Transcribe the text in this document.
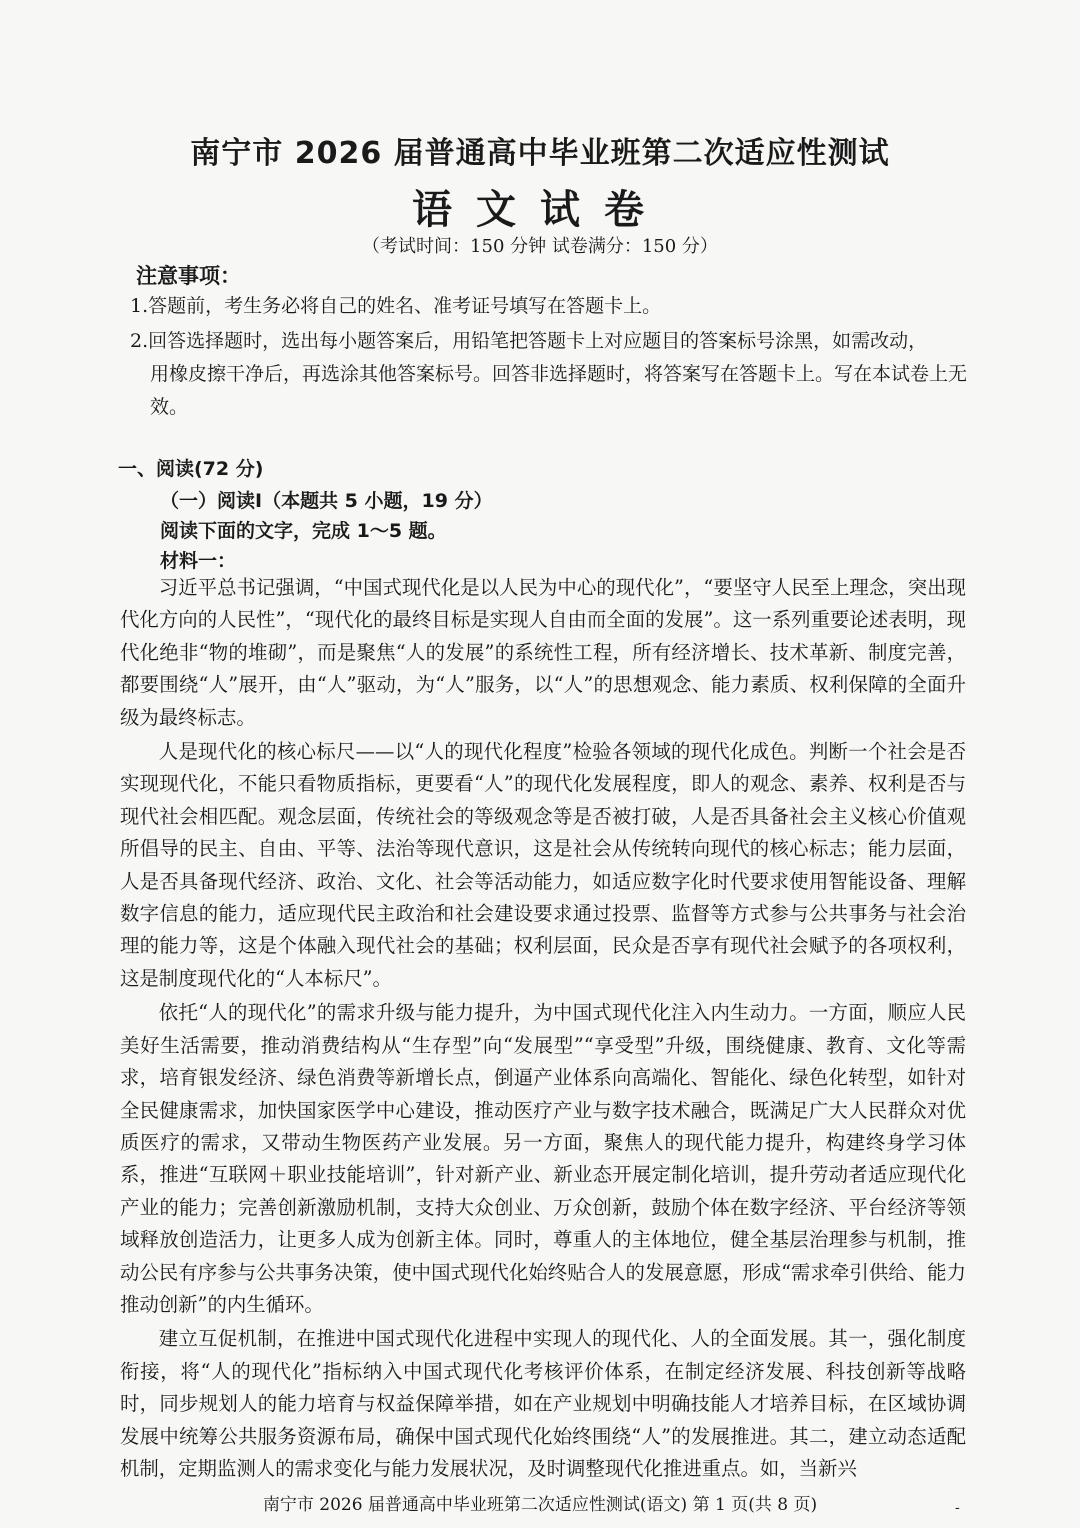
南宁市 2026 届普通高中毕业班第二次适应性测试
语文试卷
（考试时间：150 分钟 试卷满分：150 分）
注意事项：
1.答题前，考生务必将自己的姓名、准考证号填写在答题卡上。
2.回答选择题时，选出每小题答案后，用铅笔把答题卡上对应题目的答案标号涂黑，如需改动，
用橡皮擦干净后，再选涂其他答案标号。回答非选择题时，将答案写在答题卡上。写在本试卷上无效。
一、阅读(72 分)
（一）阅读Ⅰ（本题共 5 小题，19 分）
阅读下面的文字，完成 1～5 题。
材料一：

习近平总书记强调，“中国式现代化是以人民为中心的现代化”，“要坚守人民至上理念，突出现代化方向的人民性”，“现代化的最终目标是实现人自由而全面的发展”。这一系列重要论述表明，现代化绝非“物的堆砌”，而是聚焦“人的发展”的系统性工程，所有经济增长、技术革新、制度完善，都要围绕“人”展开，由“人”驱动，为“人”服务，以“人”的思想观念、能力素质、权利保障的全面升级为最终标志。

人是现代化的核心标尺——以“人的现代化程度”检验各领域的现代化成色。判断一个社会是否实现现代化，不能只看物质指标，更要看“人”的现代化发展程度，即人的观念、素养、权利是否与现代社会相匹配。观念层面，传统社会的等级观念等是否被打破，人是否具备社会主义核心价值观所倡导的民主、自由、平等、法治等现代意识，这是社会从传统转向现代的核心标志；能力层面，人是否具备现代经济、政治、文化、社会等活动能力，如适应数字化时代要求使用智能设备、理解数字信息的能力，适应现代民主政治和社会建设要求通过投票、监督等方式参与公共事务与社会治理的能力等，这是个体融入现代社会的基础；权利层面，民众是否享有现代社会赋予的各项权利，这是制度现代化的“人本标尺”。

依托“人的现代化”的需求升级与能力提升，为中国式现代化注入内生动力。一方面，顺应人民美好生活需要，推动消费结构从“生存型”向“发展型”“享受型”升级，围绕健康、教育、文化等需求，培育银发经济、绿色消费等新增长点，倒逼产业体系向高端化、智能化、绿色化转型，如针对全民健康需求，加快国家医学中心建设，推动医疗产业与数字技术融合，既满足广大人民群众对优质医疗的需求，又带动生物医药产业发展。另一方面，聚焦人的现代能力提升，构建终身学习体系，推进“互联网＋职业技能培训”，针对新产业、新业态开展定制化培训，提升劳动者适应现代化产业的能力；完善创新激励机制，支持大众创业、万众创新，鼓励个体在数字经济、平台经济等领域释放创造活力，让更多人成为创新主体。同时，尊重人的主体地位，健全基层治理参与机制，推动公民有序参与公共事务决策，使中国式现代化始终贴合人的发展意愿，形成“需求牵引供给、能力推动创新”的内生循环。

建立互促机制，在推进中国式现代化进程中实现人的现代化、人的全面发展。其一，强化制度衔接，将“人的现代化”指标纳入中国式现代化考核评价体系，在制定经济发展、科技创新等战略时，同步规划人的能力培育与权益保障举措，如在产业规划中明确技能人才培养目标，在区域协调发展中统筹公共服务资源布局，确保中国式现代化始终围绕“人”的发展推进。其二，建立动态适配机制，定期监测人的需求变化与能力发展状况，及时调整现代化推进重点。如，当新兴

南宁市 2026 届普通高中毕业班第二次适应性测试(语文) 第 1 页(共 8 页)	-
